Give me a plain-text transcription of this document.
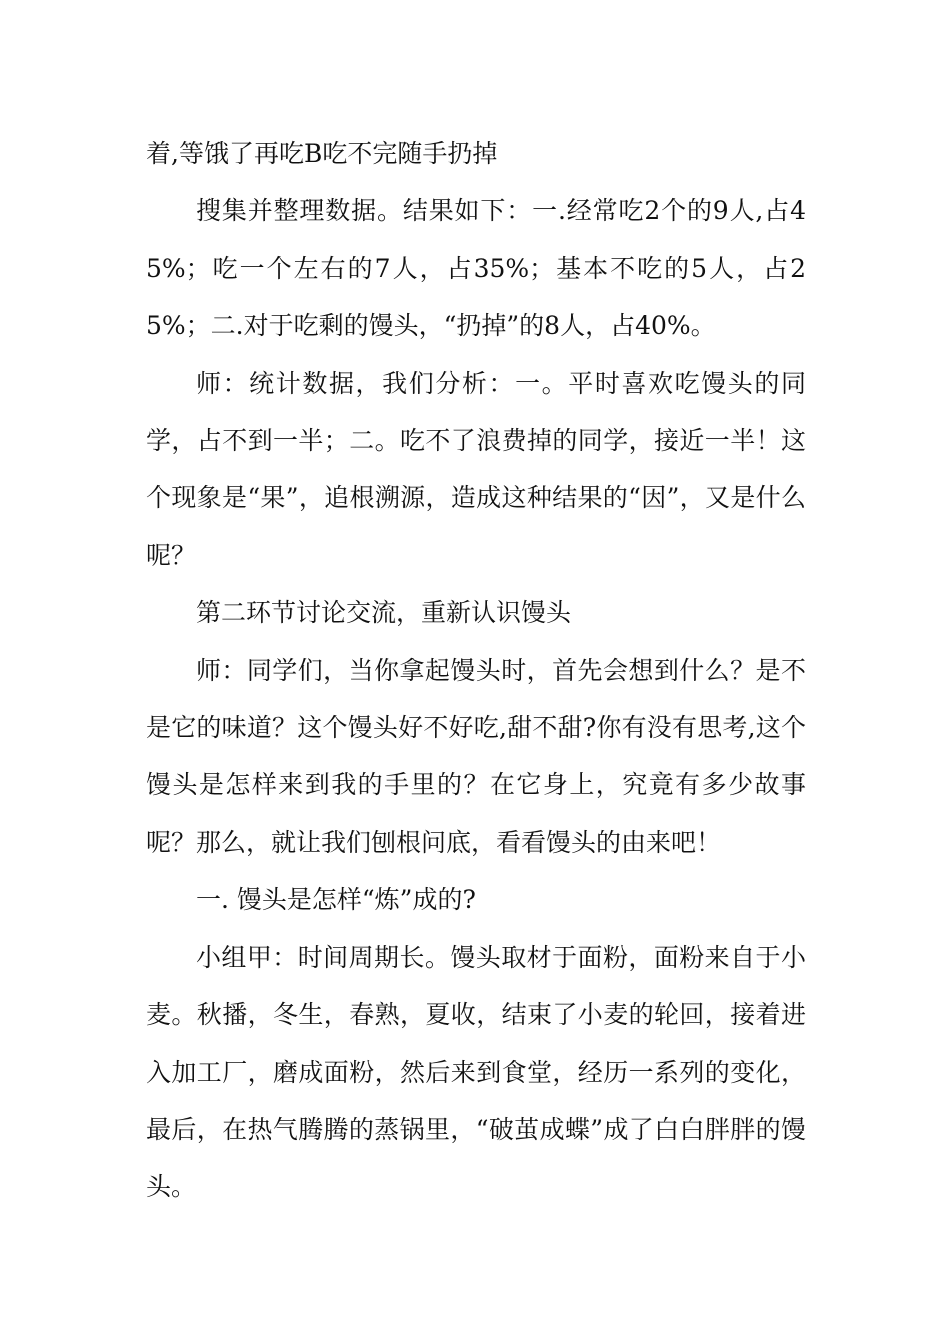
着,等饿了再吃B吃不完随手扔掉

搜集并整理数据。结果如下：一.经常吃2个的9人,占45%；吃一个左右的7人，占35%；基本不吃的5人，占25%；二.对于吃剩的馒头，“扔掉”的8人，占40%。

师：统计数据，我们分析：一。平时喜欢吃馒头的同学，占不到一半；二。吃不了浪费掉的同学，接近一半！这个现象是“果”，追根溯源，造成这种结果的“因”，又是什么呢？

第二环节讨论交流，重新认识馒头

师：同学们，当你拿起馒头时，首先会想到什么？是不是它的味道？这个馒头好不好吃,甜不甜?你有没有思考,这个馒头是怎样来到我的手里的？在它身上，究竟有多少故事呢？那么，就让我们刨根问底，看看馒头的由来吧！

一. 馒头是怎样“炼”成的?

小组甲：时间周期长。馒头取材于面粉，面粉来自于小麦。秋播，冬生，春熟，夏收，结束了小麦的轮回，接着进入加工厂，磨成面粉，然后来到食堂，经历一系列的变化，最后，在热气腾腾的蒸锅里，“破茧成蝶”成了白白胖胖的馒头。
